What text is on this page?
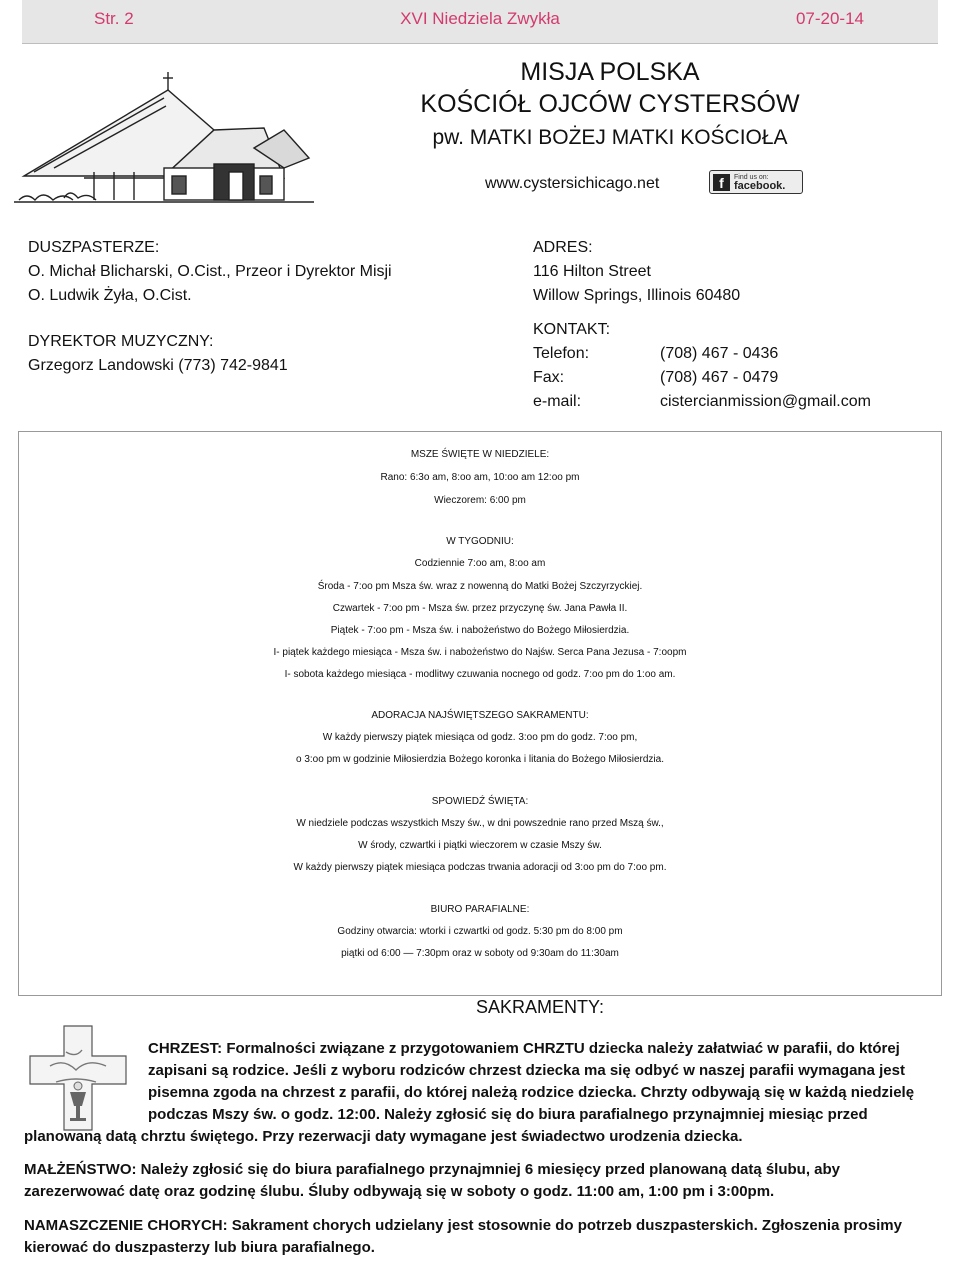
Str. 2	XVI Niedziela Zwykła	07-20-14
MISJA POLSKA
KOŚCIÓŁ OJCÓW CYSTERSÓW
pw. MATKI BOŻEJ MATKI KOŚCIOŁA
www.cystersichicago.net	f	Find us on:
facebook.
DUSZPASTERZE:
O. Michał Blicharski, O.Cist., Przeor i Dyrektor Misji
O. Ludwik Żyła, O.Cist.
DYREKTOR MUZYCZNY:
Grzegorz Landowski (773) 742-9841
ADRES:
116 Hilton Street
Willow Springs, Illinois 60480
KONTAKT:
Telefon:	(708) 467 - 0436
Fax:	(708) 467 - 0479
e-mail:	cistercianmission@gmail.com
MSZE ŚWIĘTE W NIEDZIELE:
Rano: 6:3o am, 8:oo am, 10:oo am 12:oo pm
Wieczorem: 6:00 pm
W TYGODNIU:
Codziennie 7:oo am, 8:oo am
Środa - 7:oo pm Msza św. wraz z nowenną do Matki Bożej Szczyrzyckiej.
Czwartek - 7:oo pm - Msza św. przez przyczynę św. Jana Pawła II.
Piątek - 7:oo pm - Msza św. i nabożeństwo do Bożego Miłosierdzia.
I- piątek każdego miesiąca - Msza św. i nabożeństwo do Najśw. Serca Pana Jezusa - 7:oopm
I- sobota każdego miesiąca - modlitwy czuwania nocnego od godz. 7:oo pm do 1:oo am.
ADORACJA NAJŚWIĘTSZEGO SAKRAMENTU:
W każdy pierwszy piątek miesiąca od godz. 3:oo pm do godz. 7:oo pm,
o 3:oo pm w godzinie Miłosierdzia Bożego koronka i litania do Bożego Miłosierdzia.
SPOWIEDŹ ŚWIĘTA:
W niedziele podczas wszystkich Mszy św., w dni powszednie rano przed Mszą św.,
W środy, czwartki i piątki wieczorem w czasie Mszy św.
W każdy pierwszy piątek miesiąca podczas trwania adoracji od 3:oo pm do 7:oo pm.
BIURO PARAFIALNE:
Godziny otwarcia: wtorki i czwartki od godz. 5:30 pm do 8:00 pm
piątki od 6:00 — 7:30pm oraz w soboty od 9:30am do 11:30am
SAKRAMENTY:
CHRZEST: Formalności związane z przygotowaniem CHRZTU dziecka należy załatwiać w parafii, do której
zapisani są rodzice. Jeśli z wyboru rodziców chrzest dziecka ma się odbyć w naszej parafii wymagana jest
pisemna zgoda na chrzest z parafii, do której należą rodzice dziecka. Chrzty odbywają się w każdą niedzielę
podczas Mszy św. o godz. 12:00. Należy zgłosić się do biura parafialnego przynajmniej miesiąc przed
planowaną datą chrztu świętego. Przy rezerwacji daty wymagane jest świadectwo urodzenia dziecka.
MAŁŻEŃSTWO: Należy zgłosić się do biura parafialnego przynajmniej 6 miesięcy przed planowaną datą ślubu, aby
zarezerwować datę oraz godzinę ślubu. Śluby odbywają się w soboty o godz. 11:00 am, 1:00 pm i 3:00pm.
NAMASZCZENIE CHORYCH: Sakrament chorych udzielany jest stosownie do potrzeb duszpasterskich. Zgłoszenia prosimy
kierować do duszpasterzy lub biura parafialnego.
